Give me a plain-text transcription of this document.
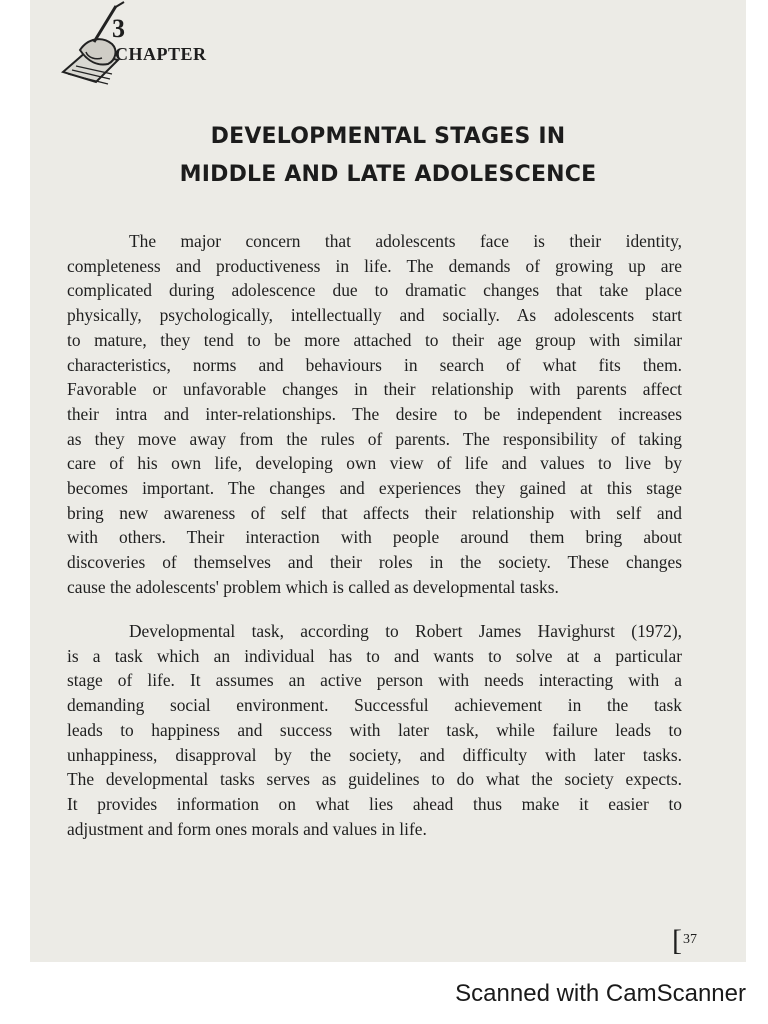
3
CHAPTER
DEVELOPMENTAL STAGES IN
MIDDLE AND LATE ADOLESCENCE
The major concern that adolescents face is their identity,
completeness and productiveness in life. The demands of growing up are
complicated during adolescence due to dramatic changes that take place
physically, psychologically, intellectually and socially. As adolescents start
to mature, they tend to be more attached to their age group with similar
characteristics, norms and behaviours in search of what fits them.
Favorable or unfavorable changes in their relationship with parents affect
their intra and inter-relationships. The desire to be independent increases
as they move away from the rules of parents. The responsibility of taking
care of his own life, developing own view of life and values to live by
becomes important. The changes and experiences they gained at this stage
bring new awareness of self that affects their relationship with self and
with others. Their interaction with people around them bring about
discoveries of themselves and their roles in the society. These changes
cause the adolescents' problem which is called as developmental tasks.
Developmental task, according to Robert James Havighurst (1972),
is a task which an individual has to and wants to solve at a particular
stage of life. It assumes an active person with needs interacting with a
demanding social environment. Successful achievement in the task
leads to happiness and success with later task, while failure leads to
unhappiness, disapproval by the society, and difficulty with later tasks.
The developmental tasks serves as guidelines to do what the society expects.
It provides information on what lies ahead thus make it easier to
adjustment and form ones morals and values in life.
[37
Scanned with CamScanner
